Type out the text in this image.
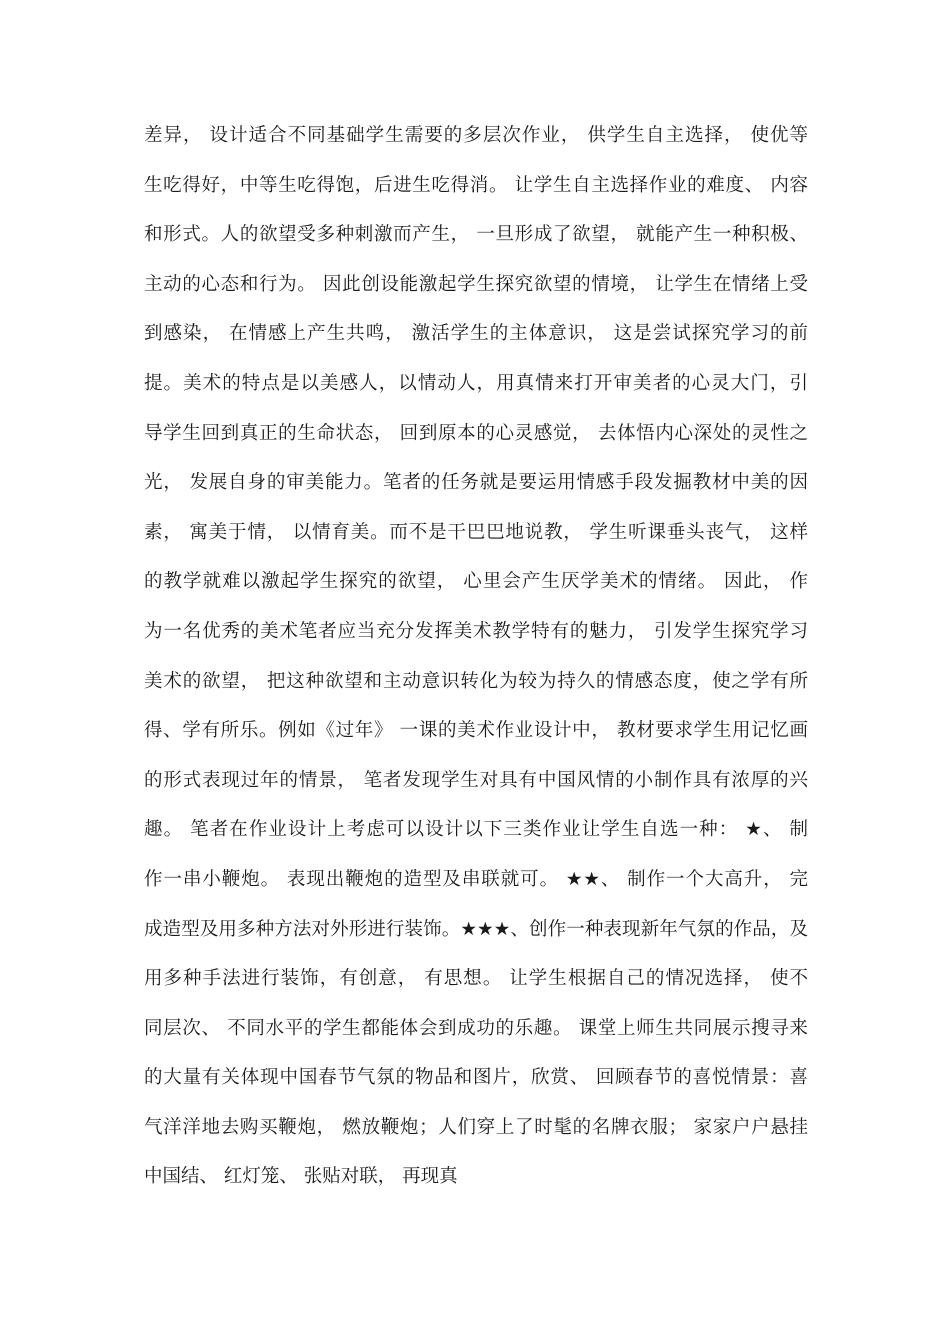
差异， 设计适合不同基础学生需要的多层次作业， 供学生自主选择， 使优等
生吃得好，中等生吃得饱，后进生吃得消。 让学生自主选择作业的难度、 内容
和形式。人的欲望受多种刺激而产生， 一旦形成了欲望， 就能产生一种积极、
主动的心态和行为。 因此创设能激起学生探究欲望的情境， 让学生在情绪上受
到感染， 在情感上产生共鸣， 激活学生的主体意识， 这是尝试探究学习的前
提。美术的特点是以美感人，以情动人，用真情来打开审美者的心灵大门，引
导学生回到真正的生命状态， 回到原本的心灵感觉， 去体悟内心深处的灵性之
光， 发展自身的审美能力。笔者的任务就是要运用情感手段发掘教材中美的因
素， 寓美于情， 以情育美。而不是干巴巴地说教， 学生听课垂头丧气， 这样
的教学就难以激起学生探究的欲望， 心里会产生厌学美术的情绪。 因此， 作
为一名优秀的美术笔者应当充分发挥美术教学特有的魅力， 引发学生探究学习
美术的欲望， 把这种欲望和主动意识转化为较为持久的情感态度，使之学有所
得、学有所乐。例如《过年》 一课的美术作业设计中， 教材要求学生用记忆画
的形式表现过年的情景， 笔者发现学生对具有中国风情的小制作具有浓厚的兴
趣。 笔者在作业设计上考虑可以设计以下三类作业让学生自选一种： ★、 制
作一串小鞭炮。 表现出鞭炮的造型及串联就可。 ★★、 制作一个大高升， 完
成造型及用多种方法对外形进行装饰。★★★、创作一种表现新年气氛的作品，及
用多种手法进行装饰，有创意， 有思想。 让学生根据自己的情况选择， 使不
同层次、 不同水平的学生都能体会到成功的乐趣。 课堂上师生共同展示搜寻来
的大量有关体现中国春节气氛的物品和图片，欣赏、 回顾春节的喜悦情景：喜
气洋洋地去购买鞭炮， 燃放鞭炮；人们穿上了时髦的名牌衣服； 家家户户悬挂
中国结、 红灯笼、 张贴对联， 再现真
